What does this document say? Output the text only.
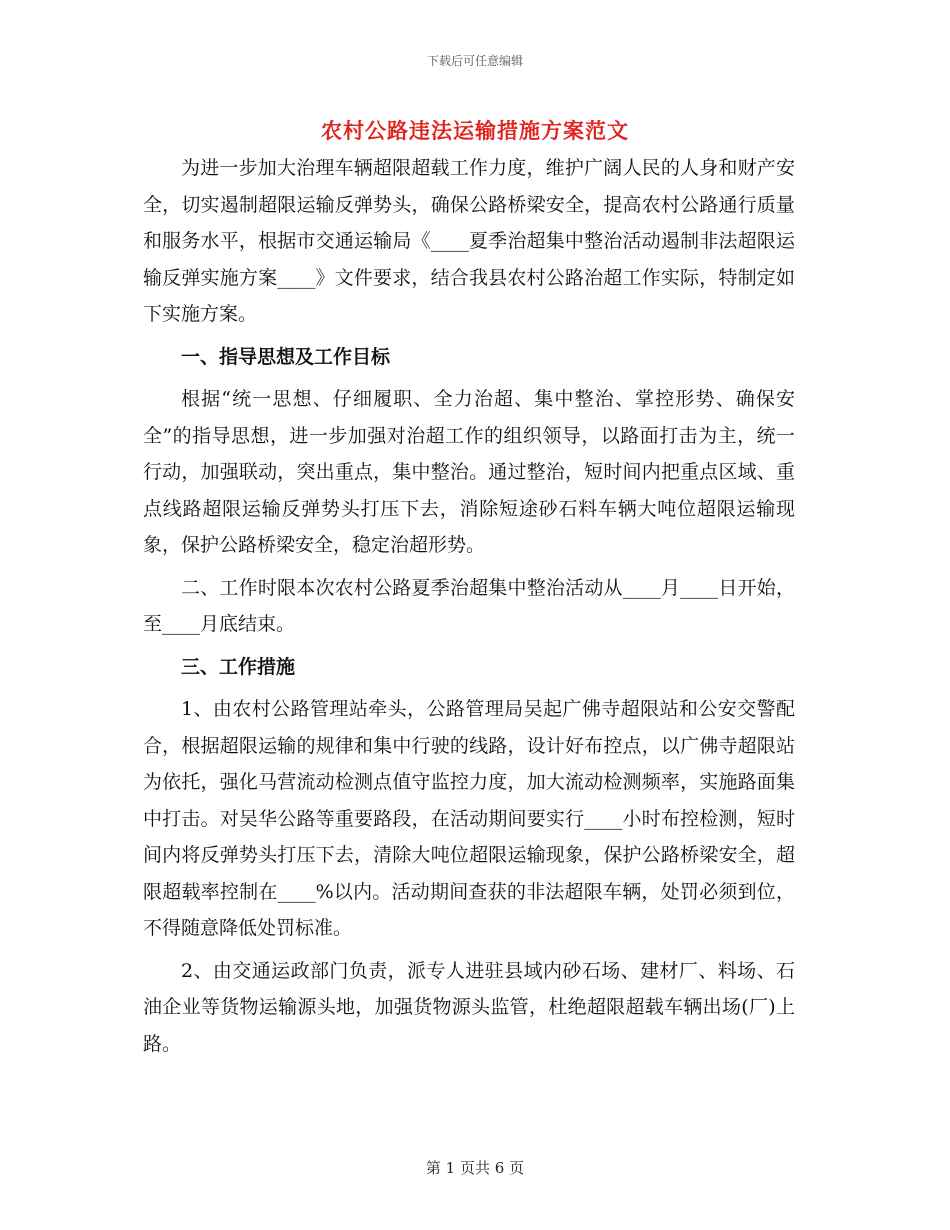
下载后可任意编辑
农村公路违法运输措施方案范文

为进一步加大治理车辆超限超载工作力度，维护广阔人民的人身和财产安全，切实遏制超限运输反弹势头，确保公路桥梁安全，提高农村公路通行质量和服务水平，根据市交通运输局《____夏季治超集中整治活动遏制非法超限运输反弹实施方案____》文件要求，结合我县农村公路治超工作实际，特制定如下实施方案。

一、指导思想及工作目标

根据“统一思想、仔细履职、全力治超、集中整治、掌控形势、确保安全”的指导思想，进一步加强对治超工作的组织领导，以路面打击为主，统一行动，加强联动，突出重点，集中整治。通过整治，短时间内把重点区域、重点线路超限运输反弹势头打压下去，消除短途砂石料车辆大吨位超限运输现象，保护公路桥梁安全，稳定治超形势。

二、工作时限本次农村公路夏季治超集中整治活动从____月____日开始，至____月底结束。

三、工作措施

1、由农村公路管理站牵头，公路管理局吴起广佛寺超限站和公安交警配合，根据超限运输的规律和集中行驶的线路，设计好布控点，以广佛寺超限站为依托，强化马营流动检测点值守监控力度，加大流动检测频率，实施路面集中打击。对吴华公路等重要路段，在活动期间要实行____小时布控检测，短时间内将反弹势头打压下去，清除大吨位超限运输现象，保护公路桥梁安全，超限超载率控制在____%以内。活动期间查获的非法超限车辆，处罚必须到位，不得随意降低处罚标准。

2、由交通运政部门负责，派专人进驻县域内砂石场、建材厂、料场、石油企业等货物运输源头地，加强货物源头监管，杜绝超限超载车辆出场(厂)上路。

第 1 页共 6 页
